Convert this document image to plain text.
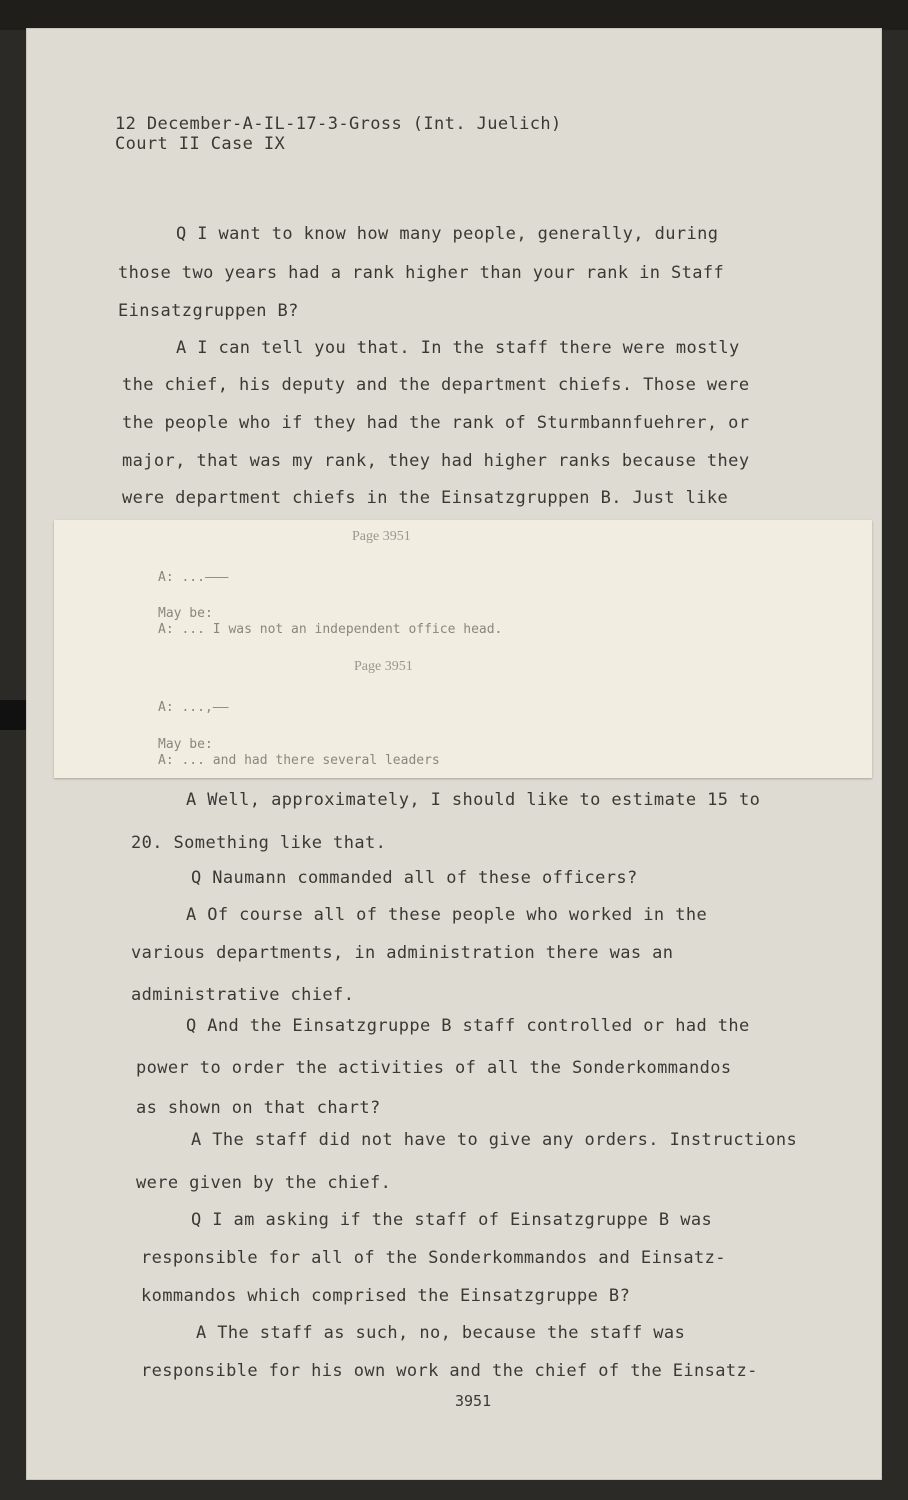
12 December-A-IL-17-3-Gross (Int. Juelich)
Court II Case IX
Q I want to know how many people, generally, during
those two years had a rank higher than your rank in Staff
Einsatzgruppen B?
A I can tell you that. In the staff there were mostly
the chief, his deputy and the department chiefs. Those were
the people who if they had the rank of Sturmbannfuehrer, or
major, that was my rank, they had higher ranks because they
were department chiefs in the Einsatzgruppen B. Just like
A Well, approximately, I should like to estimate 15 to
20. Something like that.
Q Naumann commanded all of these officers?
A Of course all of these people who worked in the
various departments, in administration there was an
administrative chief.
Q And the Einsatzgruppe B staff controlled or had the
power to order the activities of all the Sonderkommandos
as shown on that chart?
A The staff did not have to give any orders. Instructions
were given by the chief.
Q I am asking if the staff of Einsatzgruppe B was
responsible for all of the Sonderkommandos and Einsatz-
kommandos which comprised the Einsatzgruppe B?
A The staff as such, no, because the staff was
responsible for his own work and the chief of the Einsatz-
3951
Page 3951
A: ...———
May be:
A: ... I was not an independent office head.
Page 3951
A: ...,——
May be:
A: ... and had there several leaders
